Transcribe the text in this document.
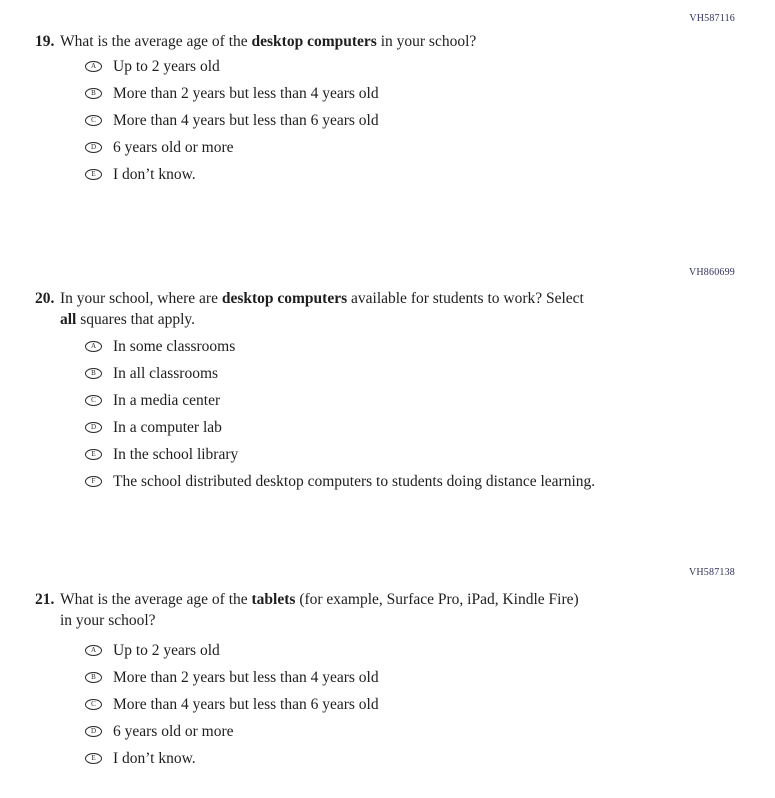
VH587116
VH860699
VH587138
19. What is the average age of the desktop computers in your school?
A Up to 2 years old
B More than 2 years but less than 4 years old
C More than 4 years but less than 6 years old
D 6 years old or more
E I don’t know.
20. In your school, where are desktop computers available for students to work? Select
all squares that apply.
A In some classrooms
B In all classrooms
C In a media center
D In a computer lab
E In the school library
F The school distributed desktop computers to students doing distance learning.
21. What is the average age of the tablets (for example, Surface Pro, iPad, Kindle Fire)
in your school?
A Up to 2 years old
B More than 2 years but less than 4 years old
C More than 4 years but less than 6 years old
D 6 years old or more
E I don’t know.
